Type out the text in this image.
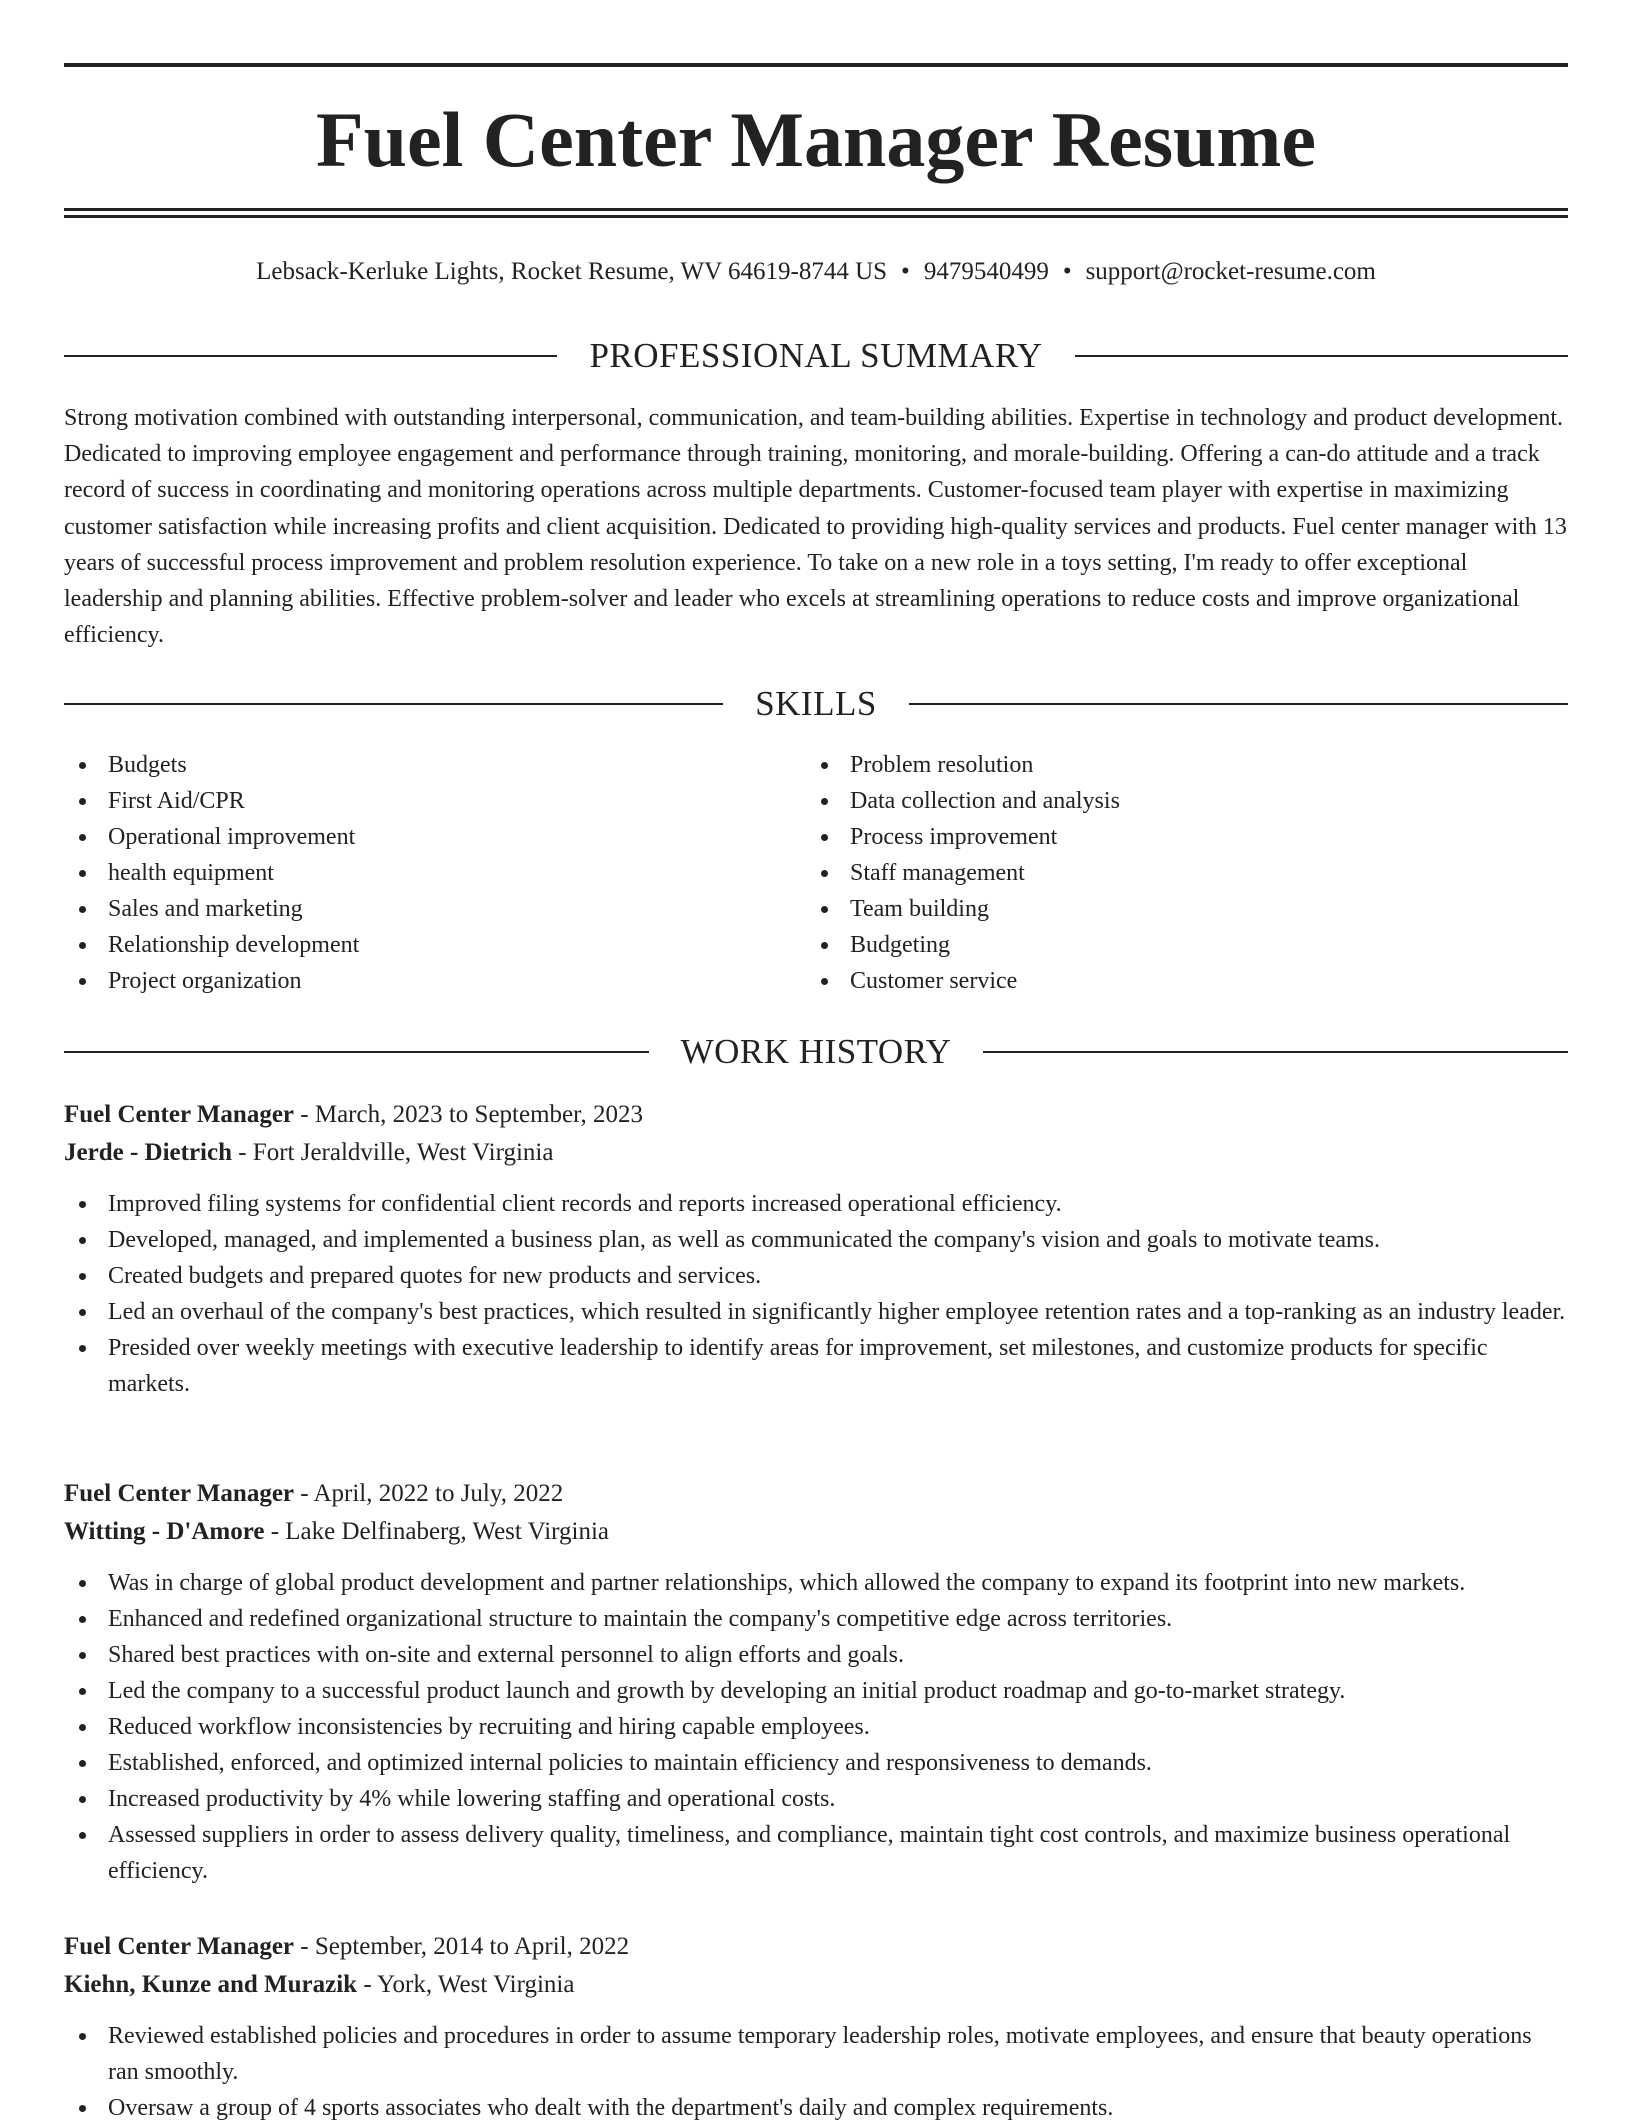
Fuel Center Manager Resume
Lebsack-Kerluke Lights, Rocket Resume, WV 64619-8744 US • 9479540499 • support@rocket-resume.com
PROFESSIONAL SUMMARY

Strong motivation combined with outstanding interpersonal, communication, and team-building abilities. Expertise in technology and product development. Dedicated to improving employee engagement and performance through training, monitoring, and morale-building. Offering a can-do attitude and a track record of success in coordinating and monitoring operations across multiple departments. Customer-focused team player with expertise in maximizing customer satisfaction while increasing profits and client acquisition. Dedicated to providing high-quality services and products. Fuel center manager with 13 years of successful process improvement and problem resolution experience. To take on a new role in a toys setting, I'm ready to offer exceptional leadership and planning abilities. Effective problem-solver and leader who excels at streamlining operations to reduce costs and improve organizational efficiency.

SKILLS
Budgets
First Aid/CPR
Operational improvement
health equipment
Sales and marketing
Relationship development
Project organization
Problem resolution
Data collection and analysis
Process improvement
Staff management
Team building
Budgeting
Customer service
WORK HISTORY
Fuel Center Manager - March, 2023 to September, 2023
Jerde - Dietrich - Fort Jeraldville, West Virginia
Improved filing systems for confidential client records and reports increased operational efficiency.
Developed, managed, and implemented a business plan, as well as communicated the company's vision and goals to motivate teams.
Created budgets and prepared quotes for new products and services.
Led an overhaul of the company's best practices, which resulted in significantly higher employee retention rates and a top-ranking as an industry leader.
Presided over weekly meetings with executive leadership to identify areas for improvement, set milestones, and customize products for specific markets.
Fuel Center Manager - April, 2022 to July, 2022
Witting - D'Amore - Lake Delfinaberg, West Virginia
Was in charge of global product development and partner relationships, which allowed the company to expand its footprint into new markets.
Enhanced and redefined organizational structure to maintain the company's competitive edge across territories.
Shared best practices with on-site and external personnel to align efforts and goals.
Led the company to a successful product launch and growth by developing an initial product roadmap and go-to-market strategy.
Reduced workflow inconsistencies by recruiting and hiring capable employees.
Established, enforced, and optimized internal policies to maintain efficiency and responsiveness to demands.
Increased productivity by 4% while lowering staffing and operational costs.
Assessed suppliers in order to assess delivery quality, timeliness, and compliance, maintain tight cost controls, and maximize business operational efficiency.
Fuel Center Manager - September, 2014 to April, 2022
Kiehn, Kunze and Murazik - York, West Virginia
Reviewed established policies and procedures in order to assume temporary leadership roles, motivate employees, and ensure that beauty operations ran smoothly.
Oversaw a group of 4 sports associates who dealt with the department's daily and complex requirements.
